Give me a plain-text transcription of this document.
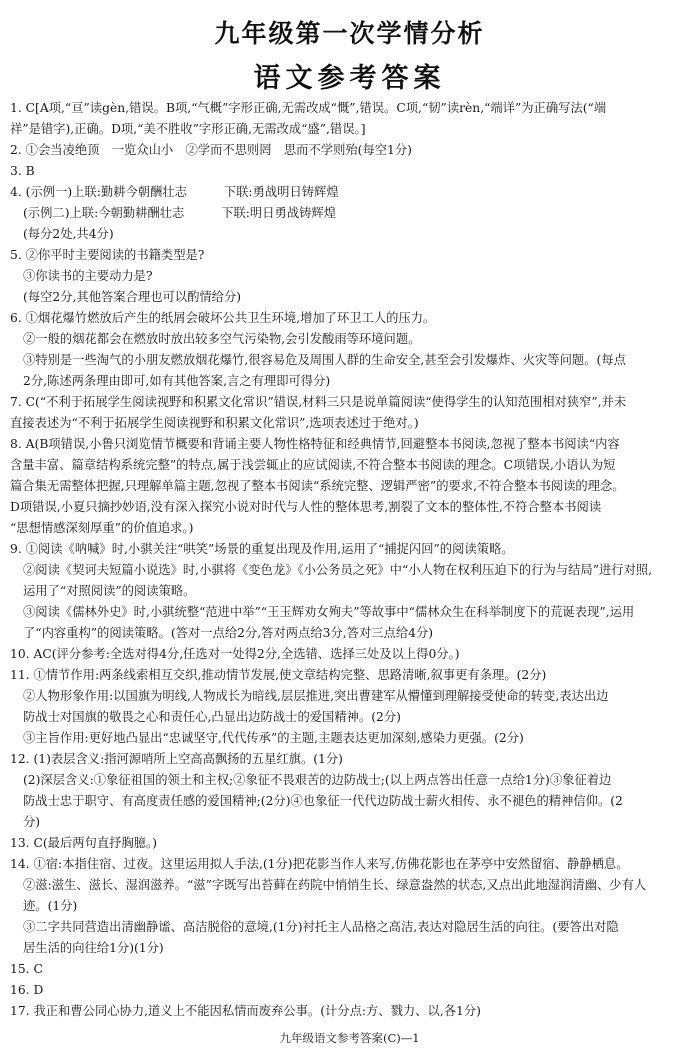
九年级第一次学情分析
语文参考答案
1. C[A项,“亘”读gèn,错误。B项,“气概”字形正确,无需改成“慨”,错误。C项,“韧”读rèn,“端详”为正确写法(“端
祥”是错字),正确。D项,“美不胜收”字形正确,无需改成“盛”,错误。]
2. ①会当凌绝顶　一览众山小　②学而不思则罔　思而不学则殆(每空1分)
3. B
4. (示例一)上联:勤耕今朝酬壮志　　　下联:勇战明日铸辉煌
(示例二)上联:今朝勤耕酬壮志　　　下联:明日勇战铸辉煌
(每分2处,共4分)
5. ②你平时主要阅读的书籍类型是?
③你读书的主要动力是?
(每空2分,其他答案合理也可以酌情给分)
6. ①烟花爆竹燃放后产生的纸屑会破坏公共卫生环境,增加了环卫工人的压力。
②一般的烟花都会在燃放时放出较多空气污染物,会引发酸雨等环境问题。
③特别是一些淘气的小朋友燃放烟花爆竹,很容易危及周围人群的生命安全,甚至会引发爆炸、火灾等问题。(每点
2分,陈述两条理由即可,如有其他答案,言之有理即可得分)
7. C(“不利于拓展学生阅读视野和积累文化常识”错误,材料三只是说单篇阅读“使得学生的认知范围相对狭窄”,并未
直接表述为“不利于拓展学生阅读视野和积累文化常识”,选项表述过于绝对。)
8. A(B项错误,小鲁只浏览情节概要和背诵主要人物性格特征和经典情节,回避整本书阅读,忽视了整本书阅读“内容
含量丰富、篇章结构系统完整”的特点,属于浅尝辄止的应试阅读,不符合整本书阅读的理念。C项错误,小语认为短
篇合集无需整体把握,只理解单篇主题,忽视了整本书阅读“系统完整、逻辑严密”的要求,不符合整本书阅读的理念。
D项错误,小夏只摘抄妙语,没有深入探究小说对时代与人性的整体思考,割裂了文本的整体性,不符合整本书阅读
“思想情感深刻厚重”的价值追求。)
9. ①阅读《呐喊》时,小骐关注“哄笑”场景的重复出现及作用,运用了“捕捉闪回”的阅读策略。
②阅读《契诃夫短篇小说选》时,小骐将《变色龙》《小公务员之死》中“小人物在权利压迫下的行为与结局”进行对照,
运用了“对照阅读”的阅读策略。
③阅读《儒林外史》时,小骐统整“范进中举”“王玉辉劝女殉夫”等故事中“儒林众生在科举制度下的荒诞表现”,运用
了“内容重构”的阅读策略。(答对一点给2分,答对两点给3分,答对三点给4分)
10. AC(评分参考:全选对得4分,任选对一处得2分,全选错、选择三处及以上得0分。)
11. ①情节作用:两条线索相互交织,推动情节发展,使文章结构完整、思路清晰,叙事更有条理。(2分)
②人物形象作用:以国旗为明线,人物成长为暗线,层层推进,突出曹建军从懵懂到理解接受使命的转变,表达出边
防战士对国旗的敬畏之心和责任心,凸显出边防战士的爱国精神。(2分)
③主旨作用:更好地凸显出“忠诚坚守,代代传承”的主题,主题表达更加深刻,感染力更强。(2分)
12. (1)表层含义:指河源哨所上空高高飘扬的五星红旗。(1分)
(2)深层含义:①象征祖国的领土和主权;②象征不畏艰苦的边防战士;(以上两点答出任意一点给1分)③象征着边
防战士忠于职守、有高度责任感的爱国精神;(2分)④也象征一代代边防战士薪火相传、永不褪色的精神信仰。(2
分)
13. C(最后两句直抒胸臆。)
14. ①宿:本指住宿、过夜。这里运用拟人手法,(1分)把花影当作人来写,仿佛花影也在茅亭中安然留宿、静静栖息。
②滋:滋生、滋长、湿润滋养。“滋”字既写出苔藓在药院中悄悄生长、绿意盎然的状态,又点出此地湿润清幽、少有人
迹。(1分)
③二字共同营造出清幽静谧、高洁脱俗的意境,(1分)衬托主人品格之高洁,表达对隐居生活的向往。(要答出对隐
居生活的向往给1分)(1分)
15. C
16. D
17. 我正和曹公同心协力,道义上不能因私情而废弃公事。(计分点:方、戮力、以,各1分)
九年级语文参考答案(C)—1
